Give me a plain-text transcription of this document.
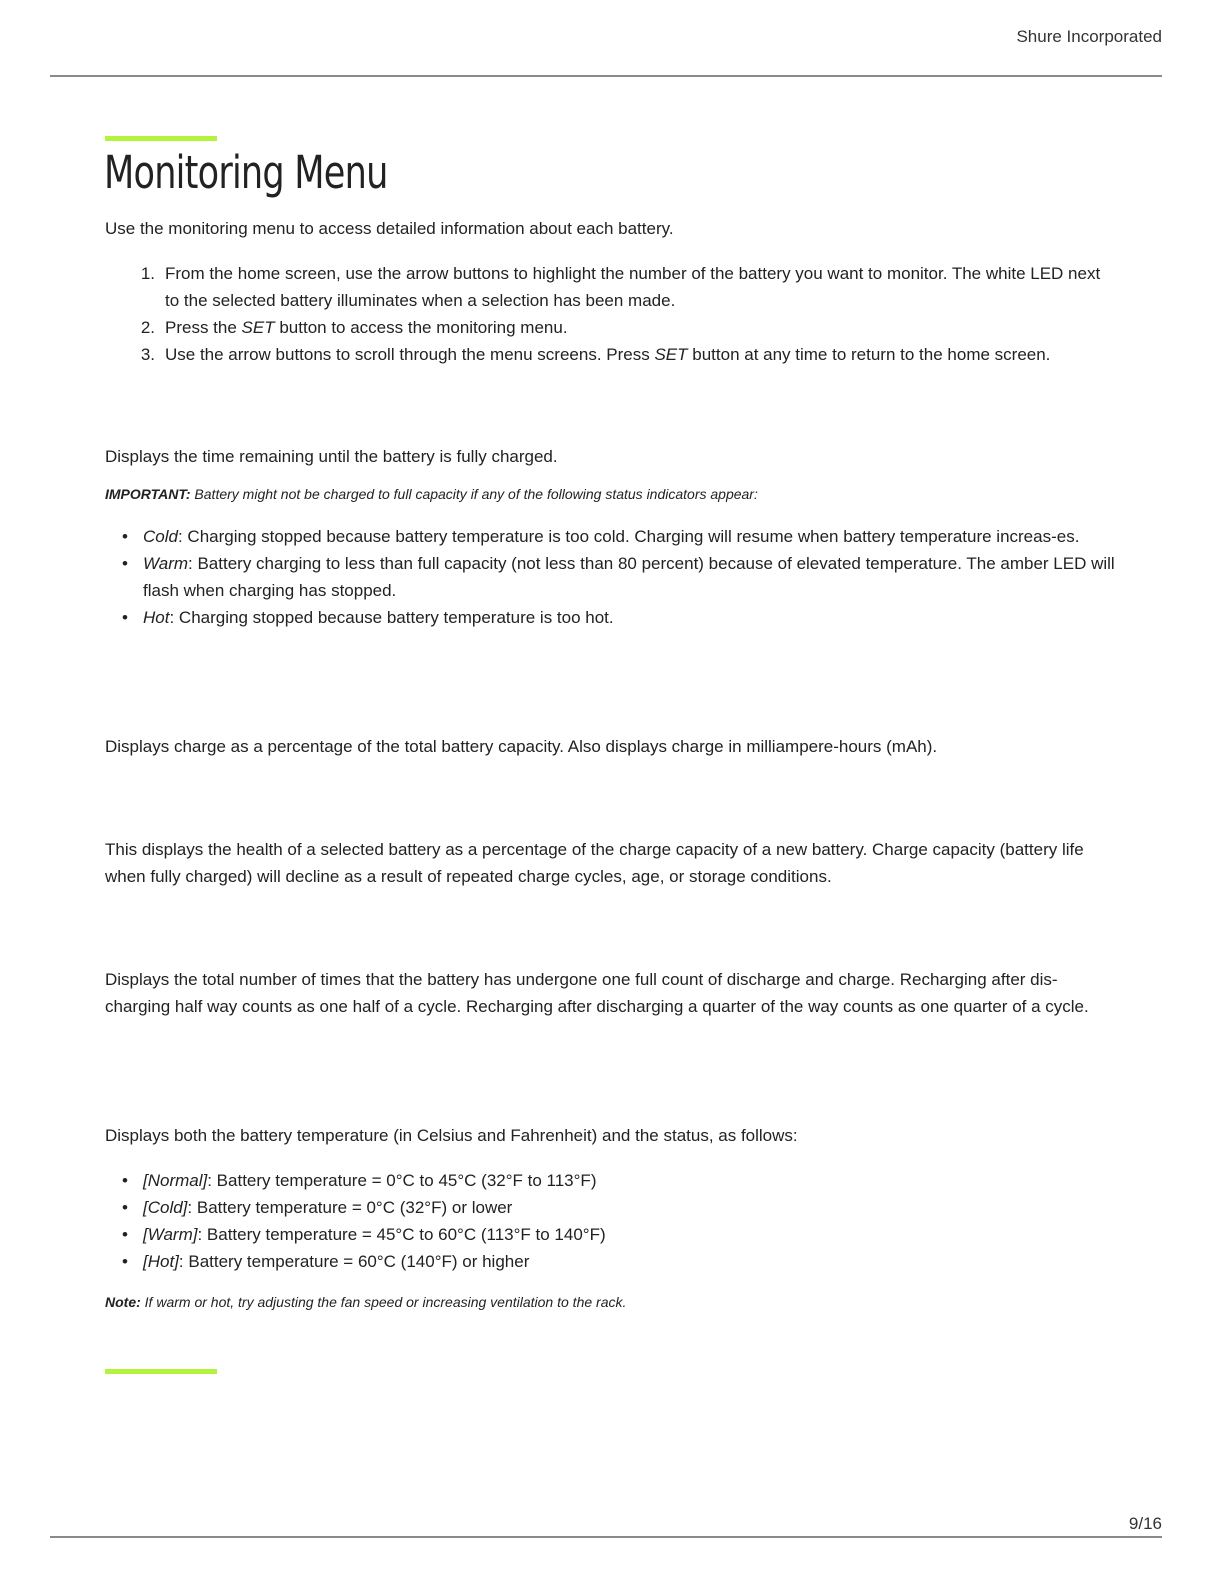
Shure Incorporated
Monitoring Menu

Use the monitoring menu to access detailed information about each battery.

1. From the home screen, use the arrow buttons to highlight the number of the battery you want to monitor. The white LED next to the selected battery illuminates when a selection has been made.
2. Press the SET button to access the monitoring menu.
3. Use the arrow buttons to scroll through the menu screens. Press SET button at any time to return to the home screen.

Displays the time remaining until the battery is fully charged.

IMPORTANT: Battery might not be charged to full capacity if any of the following status indicators appear:

• Cold: Charging stopped because battery temperature is too cold. Charging will resume when battery temperature increas-es.
• Warm: Battery charging to less than full capacity (not less than 80 percent) because of elevated temperature. The amber LED will flash when charging has stopped.
• Hot: Charging stopped because battery temperature is too hot.

Displays charge as a percentage of the total battery capacity. Also displays charge in milliampere-hours (mAh).

This displays the health of a selected battery as a percentage of the charge capacity of a new battery. Charge capacity (battery life when fully charged) will decline as a result of repeated charge cycles, age, or storage conditions.

Displays the total number of times that the battery has undergone one full count of discharge and charge. Recharging after dis-charging half way counts as one half of a cycle. Recharging after discharging a quarter of the way counts as one quarter of a cycle.

Displays both the battery temperature (in Celsius and Fahrenheit) and the status, as follows:

• [Normal]: Battery temperature = 0°C to 45°C (32°F to 113°F)
• [Cold]: Battery temperature = 0°C (32°F) or lower
• [Warm]: Battery temperature = 45°C to 60°C (113°F to 140°F)
• [Hot]: Battery temperature = 60°C (140°F) or higher

Note: If warm or hot, try adjusting the fan speed or increasing ventilation to the rack.

9/16
